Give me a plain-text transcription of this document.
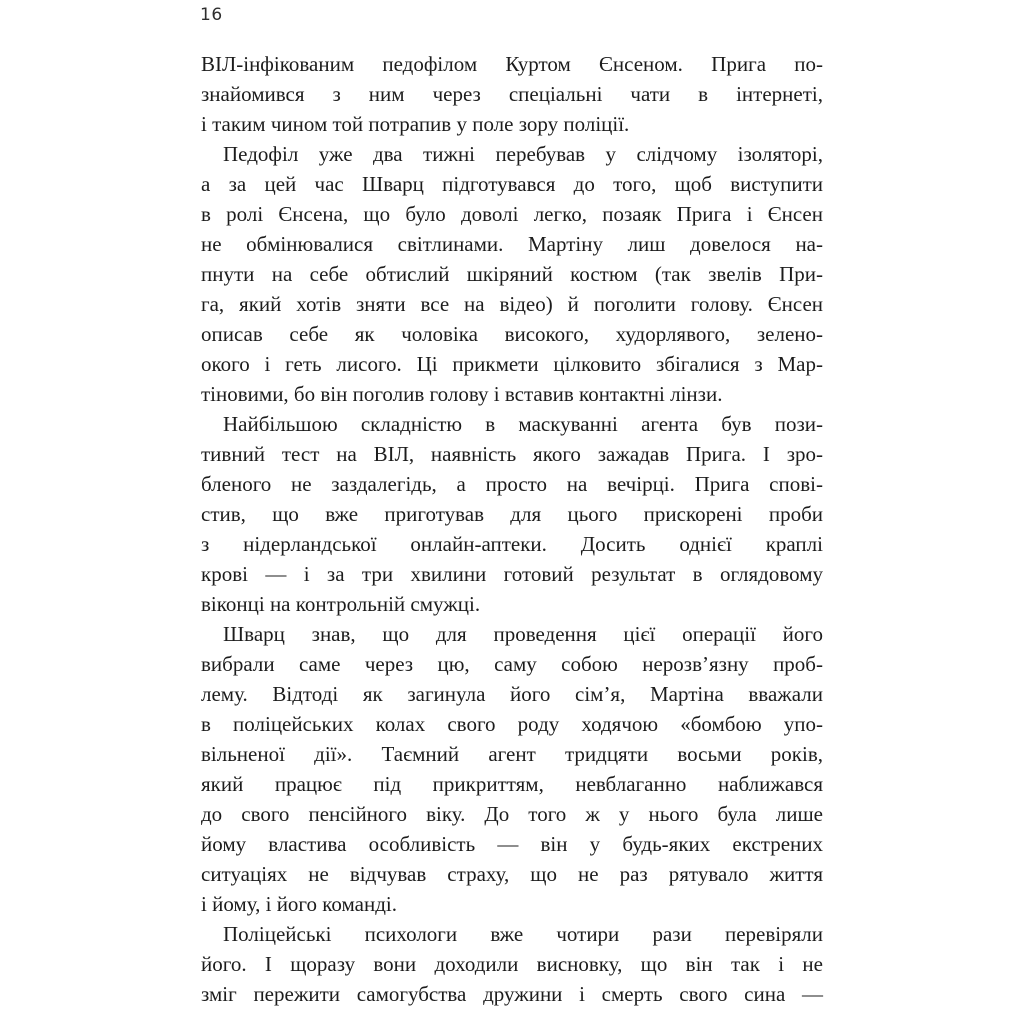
16
ВІЛ-інфікованим педофілом Куртом Єнсеном. Прига по-
знайомився з ним через спеціальні чати в інтернеті,
і таким чином той потрапив у поле зору поліції.
Педофіл уже два тижні перебував у слідчому ізоляторі,
а за цей час Шварц підготувався до того, щоб виступити
в ролі Єнсена, що було доволі легко, позаяк Прига і Єнсен
не обмінювалися світлинами. Мартіну лиш довелося на-
пнути на себе обтислий шкіряний костюм (так звелів При-
га, який хотів зняти все на відео) й поголити голову. Єнсен
описав себе як чоловіка високого, худорлявого, зелено-
окого і геть лисого. Ці прикмети цілковито збігалися з Мар-
тіновими, бо він поголив голову і вставив контактні лінзи.
Найбільшою складністю в маскуванні агента був пози-
тивний тест на ВІЛ, наявність якого зажадав Прига. І зро-
бленого не заздалегідь, а просто на вечірці. Прига спові-
стив, що вже приготував для цього прискорені проби
з нідерландської онлайн-аптеки. Досить однієї краплі
крові — і за три хвилини готовий результат в оглядовому
віконці на контрольній смужці.
Шварц знав, що для проведення цієї операції його
вибрали саме через цю, саму собою нерозв’язну проб-
лему. Відтоді як загинула його сім’я, Мартіна вважали
в поліцейських колах свого роду ходячою «бомбою упо-
вільненої дії». Таємний агент тридцяти восьми років,
який працює під прикриттям, невблаганно наближався
до свого пенсійного віку. До того ж у нього була лише
йому властива особливість — він у будь-яких екстрених
ситуаціях не відчував страху, що не раз рятувало життя
і йому, і його команді.
Поліцейські психологи вже чотири рази перевіряли
його. І щоразу вони доходили висновку, що він так і не
зміг пережити самогубства дружини і смерть свого сина —
